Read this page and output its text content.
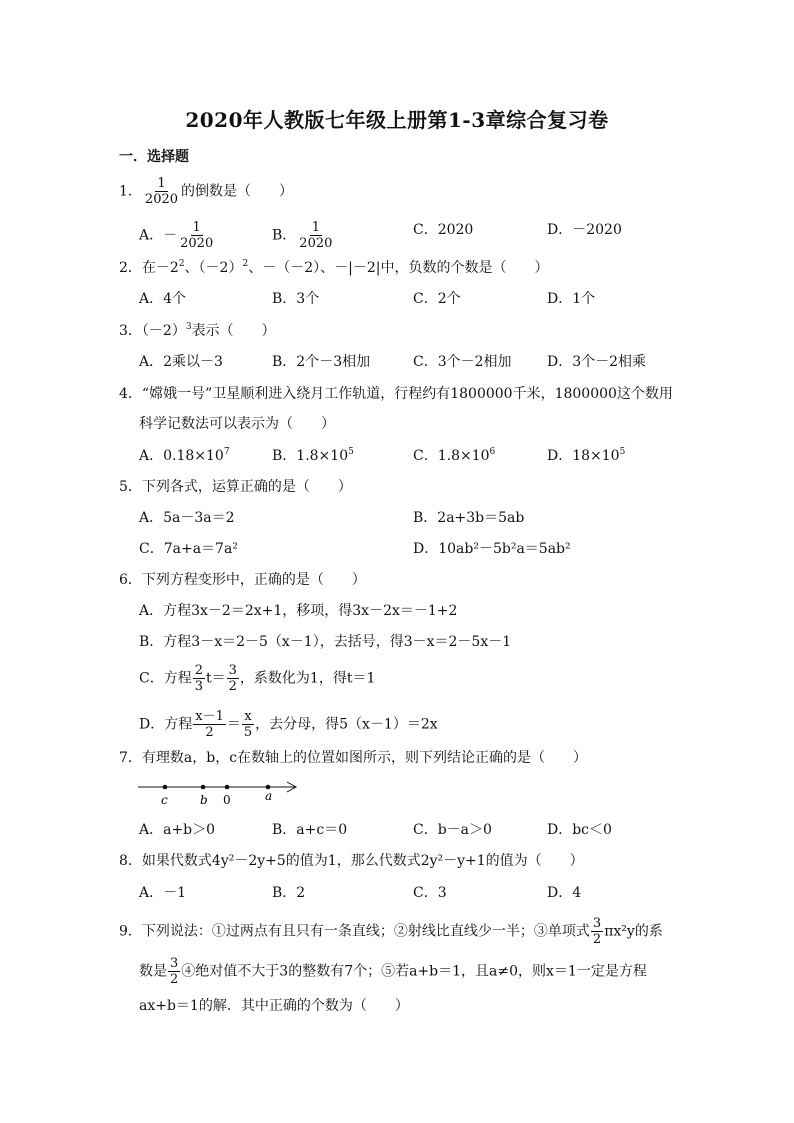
2020年人教版七年级上册第1-3章综合复习卷
一．选择题
1． $\frac{1}{2020}$ 的倒数是（　　）
A．－ $\frac{1}{2020}$	B． $\frac{1}{2020}$	C．2020	D．－2020
2．在$-2^2$、$(-2)^2$、－（－2）、－|－2|中，负数的个数是（　　）
A．4个	B．3个	C．2个	D．1个
3．$(-2)^3$表示（　　）
A．2乘以－3	B．2个－3相加	C．3个－2相加	D．3个－2相乘
4．“嫦娥一号”卫星顺利进入绕月工作轨道，行程约有1800000千米，1800000这个数用
科学记数法可以表示为（　　）
A．$0.18\times 10^7$	B．$1.8\times 10^5$	C．$1.8\times 10^6$	D．$18\times 10^5$
5．下列各式，运算正确的是（　　）
A．5a－3a＝2	B．2a+3b＝5ab
C．7a+a＝7a²	D．10ab²－5b²a＝5ab²
6．下列方程变形中，正确的是（　　）
A．方程3x－2＝2x+1，移项，得3x－2x＝－1+2
B．方程3－x＝2－5（x－1），去括号，得3－x＝2－5x－1
C．方程 $\frac{2}{3} t= \frac{3}{2}$ ，系数化为1，得t＝1
D．方程 $\frac{x-1}{2} = \frac{x}{5}$ ，去分母，得5（x－1）＝2x
7．有理数a，b，c在数轴上的位置如图所示，则下列结论正确的是（　　）
c	b 0	a
A．a+b＞0	B．a+c＝0	C．b－a＞0	D．bc＜0
8．如果代数式4y²－2y+5的值为1，那么代数式2y²－y+1的值为（　　）
A．－1	B．2	C．3	D．4
9．下列说法：①过两点有且只有一条直线；②射线比直线少一半；③单项式 $\frac{3}{2} \pi x^2y$的系
数是 $\frac{3}{2}$ ④绝对值不大于3的整数有7个；⑤若a+b＝1，且a≠0，则x＝1一定是方程
ax+b＝1的解．其中正确的个数为（　　）
